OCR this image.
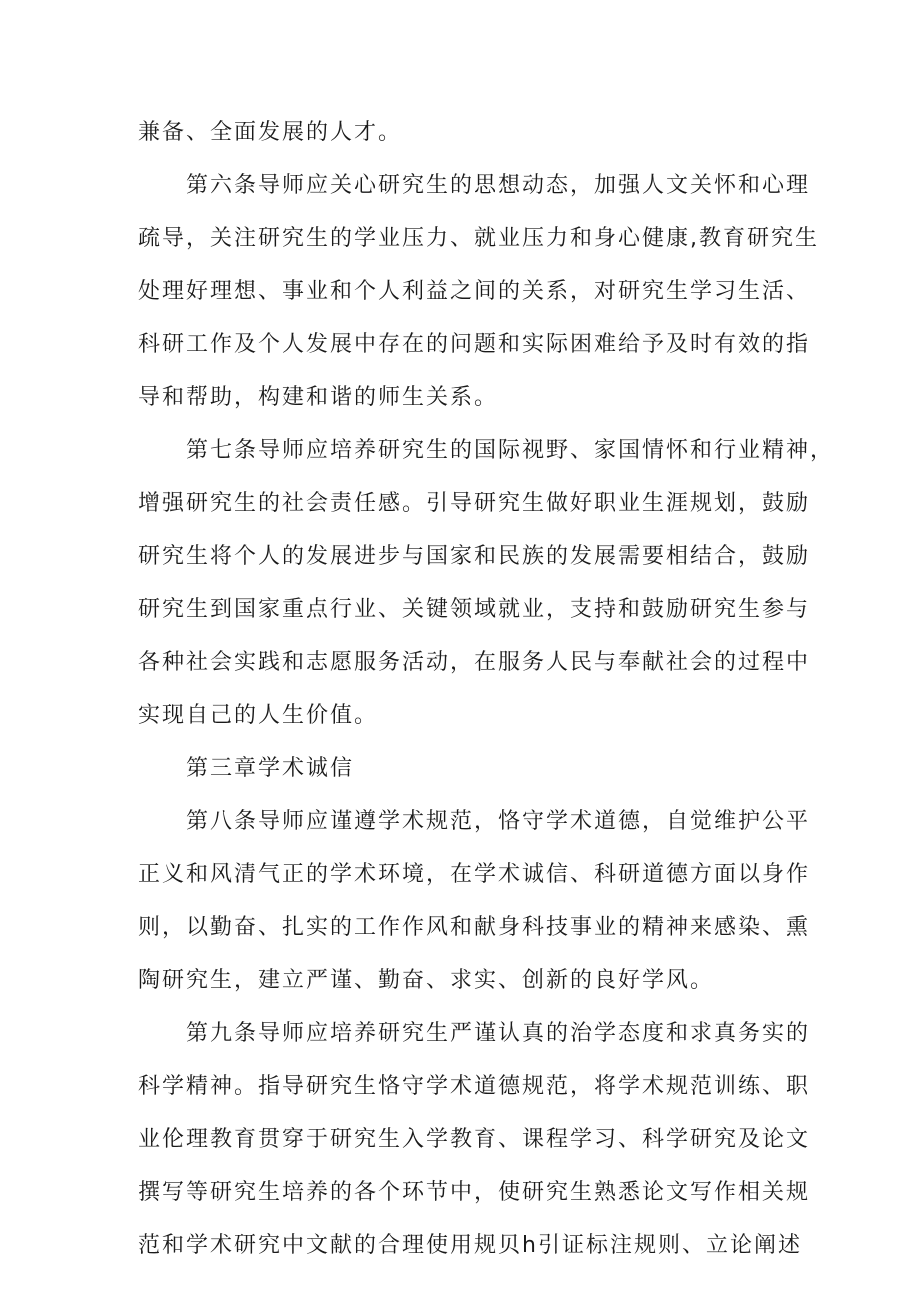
兼备、全面发展的人才。
第六条导师应关心研究生的思想动态，加强人文关怀和心理
疏导，关注研究生的学业压力、就业压力和身心健康,教育研究生
处理好理想、事业和个人利益之间的关系，对研究生学习生活、
科研工作及个人发展中存在的问题和实际困难给予及时有效的指
导和帮助，构建和谐的师生关系。
第七条导师应培养研究生的国际视野、家国情怀和行业精神，
增强研究生的社会责任感。引导研究生做好职业生涯规划，鼓励
研究生将个人的发展进步与国家和民族的发展需要相结合，鼓励
研究生到国家重点行业、关键领域就业，支持和鼓励研究生参与
各种社会实践和志愿服务活动，在服务人民与奉献社会的过程中
实现自己的人生价值。
第三章学术诚信
第八条导师应谨遵学术规范，恪守学术道德，自觉维护公平
正义和风清气正的学术环境，在学术诚信、科研道德方面以身作
则，以勤奋、扎实的工作作风和献身科技事业的精神来感染、熏
陶研究生，建立严谨、勤奋、求实、创新的良好学风。
第九条导师应培养研究生严谨认真的治学态度和求真务实的
科学精神。指导研究生恪守学术道德规范，将学术规范训练、职
业伦理教育贯穿于研究生入学教育、课程学习、科学研究及论文
撰写等研究生培养的各个环节中，使研究生熟悉论文写作相关规
范和学术研究中文献的合理使用规贝h引证标注规则、立论阐述
